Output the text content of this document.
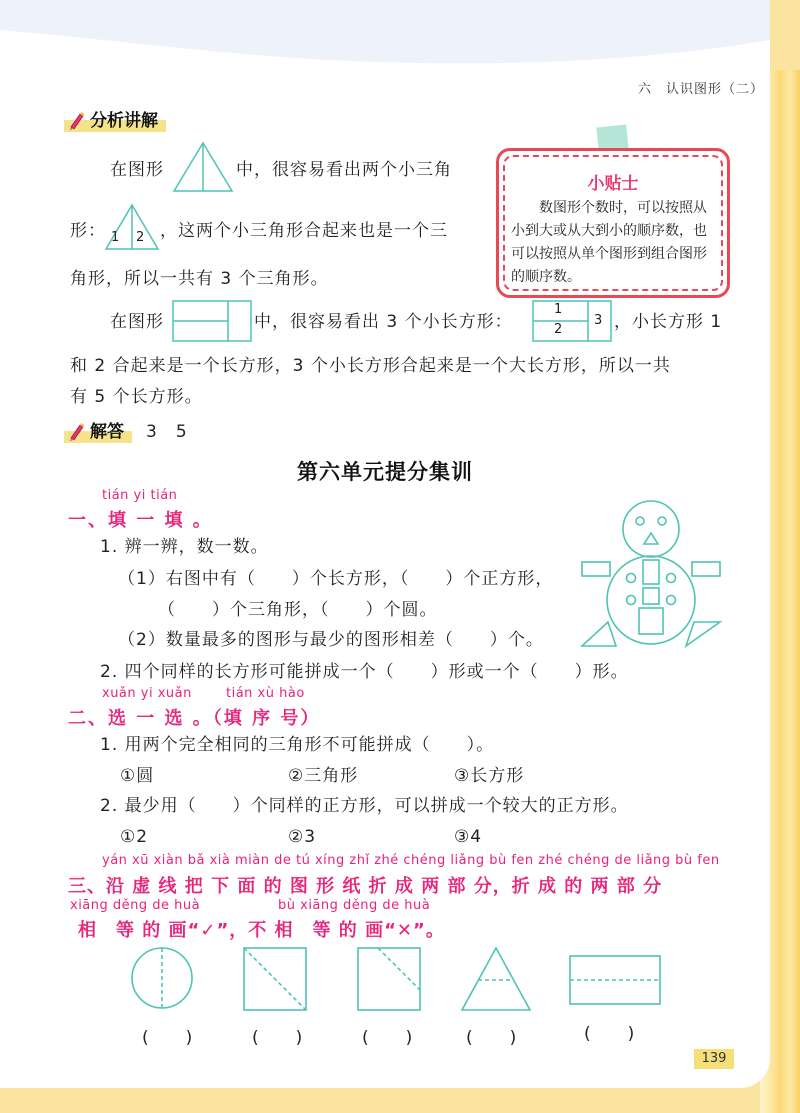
六　认识图形（二）
分析讲解
在图形	中，很容易看出两个小三角
形： 1 2 ，这两个小三角形合起来也是一个三
角形，所以一共有 3 个三角形。
小贴士
　　数图形个数时，可以按照从小到大或从大到小的顺序数，也可以按照从单个图形到组合图形的顺序数。
在图形	中，很容易看出 3 个小长方形：
1
2
3 ，小长方形 1
和 2 合起来是一个长方形，3 个小长方形合起来是一个大长方形，所以一共
有 5 个长方形。
解答	3　5
第六单元提分集训
tián yi tián
一、填 一 填 。
1. 辨一辨，数一数。
（1）右图中有（　　）个长方形，（　　）个正方形，
（　　）个三角形，（　　）个圆。
（2）数量最多的图形与最少的图形相差（　　）个。
2. 四个同样的长方形可能拼成一个（　　）形或一个（　　）形。
xuǎn yi xuǎn	tián xù hào
二、选 一 选 。（填 序 号）
1. 用两个完全相同的三角形不可能拼成（　　）。
①圆	②三角形	③长方形
2. 最少用（　　）个同样的正方形，可以拼成一个较大的正方形。
①2	②3	③4
yán xū xiàn bǎ xià miàn de tú xíng zhǐ zhé chéng liǎng bù fen zhé chéng de liǎng bù fen
三、沿 虚 线 把 下 面 的 图 形 纸 折 成 两 部 分，折 成 的 两 部 分
xiāng děng de huà	bù xiāng děng de huà
相　等 的 画“✓”，不 相　等 的 画“✕”。
(　　)	(　　)	(　　)	(　　)	(　　)
139
